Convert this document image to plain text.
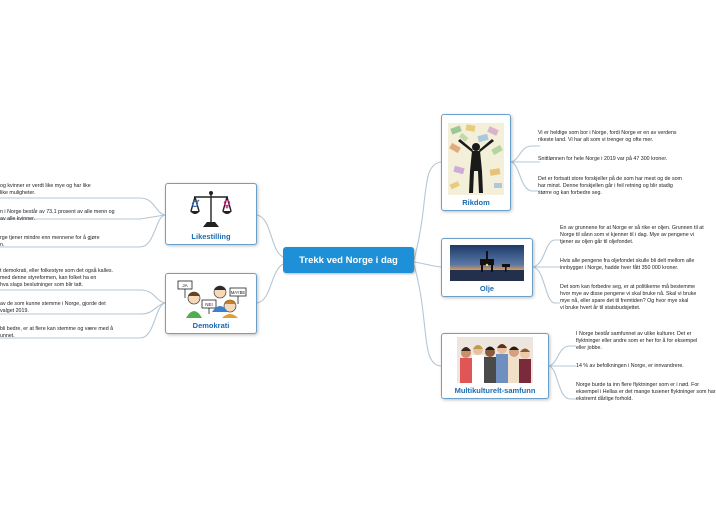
Trekk ved Norge i dag
Rikdom
Olje
Multikulturelt-samfunn
Likestilling
JA
NEI
MAYBE
Demokrati
Vi er heldige som bor i Norge, fordi Norge er en av verdens
rikeste land. Vi har alt som vi trenger og ofte mer.
Snittlønnen for hele Norge i 2019 var på 47 300 kroner.
Det er fortsatt store forskjeller på de som har mest og de som
har minst. Denne forskjellen går i feil retning og blir stadig
større og kan forbedre seg.
En av grunnene for at Norge er så rike er oljen. Grunnen til at
Norge til sånn som vi kjenner til i dag. Mye av pengene vi
tjener av oljen går til oljefondet.
Hvis alle pengene fra oljefondet skulle bli delt mellom alle
innbygger i Norge, hadde hver fått 350 000 kroner.
Det som kan forbedre seg, er at politikerne må bestemme
hvor mye av disse pengene vi skal bruke nå. Skal vi bruke
mye nå, eller spare det til fremtiden? Og hvor mye skal
vi bruke hvert år til statsbudsjettet.
I Norge består samfunnet av ulike kulturer. Det er
flyktninger eller andre som er her for å for eksempel
eller jobbe.
14 % av befolkningen i Norge, er innvandrere.
Norge burde ta inn flere flyktninger som er i nød. For
eksempel i Hellas er det mange tusener flyktninger som har
ekstremt dårlige forhold.
og kvinner er verdt like mye og har like
like muligheter.
n i Norge består av 73,1 prosent av alle menn og
av alle kvinner.
rge tjener mindre enn mennene for å gjøre
n.
t demokrati, eller folkestyre som det også kalles.
med denne styreformen, kan folket ha en
hva slags beslutninger som blir tatt.
av de som kunne stemme i Norge, gjorde det
valget 2019.
bli bedre, er at flere kan stemme og være med å
unnet.
